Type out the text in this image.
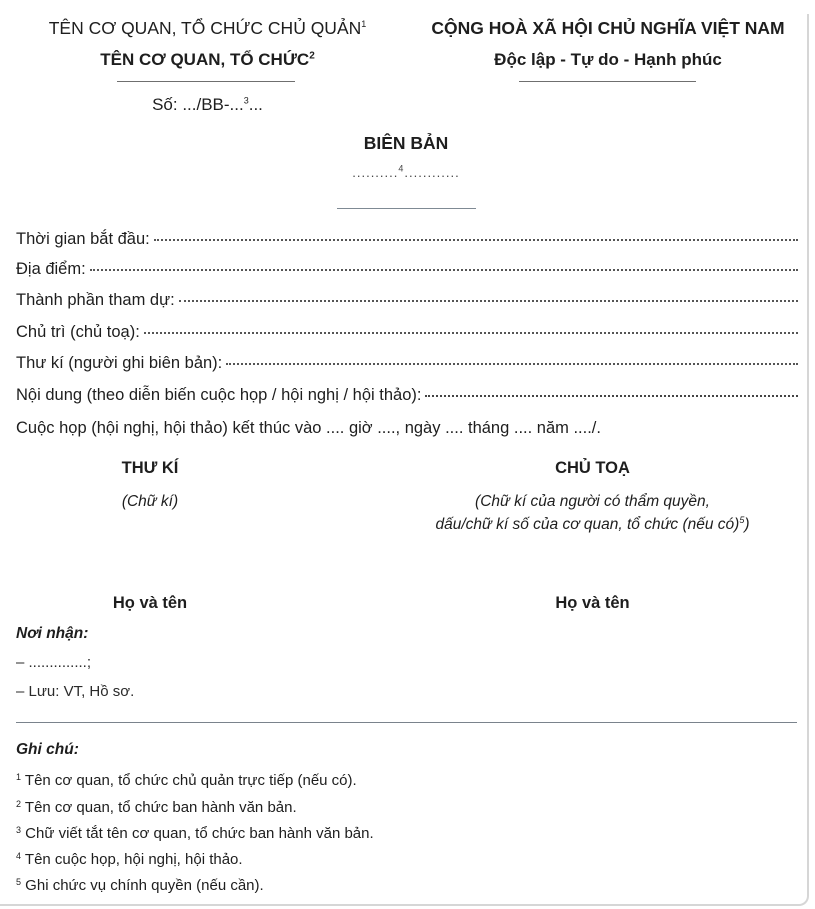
TÊN CƠ QUAN, TỔ CHỨC CHỦ QUẢN$^1$
TÊN CƠ QUAN, TỔ CHỨC$^2$
Số: .../BB-...$^3$...
CỘNG HOÀ XÃ HỘI CHỦ NGHĨA VIỆT NAM
Độc lập - Tự do - Hạnh phúc
BIÊN BẢN
..........$^4$............
Thời gian bắt đầu:
Địa điểm:
Thành phần tham dự:
Chủ trì (chủ toạ):
Thư kí (người ghi biên bản):
Nội dung (theo diễn biến cuộc họp / hội nghị / hội thảo):
Cuộc họp (hội nghị, hội thảo) kết thúc vào .... giờ ...., ngày .... tháng .... năm ..../.
THƯ KÍ
(Chữ kí)
Họ và tên
CHỦ TOẠ
(Chữ kí của người có thẩm quyền,
dấu/chữ kí số của cơ quan, tổ chức (nếu có)$^5$)
Họ và tên
Nơi nhận:
– ..............;
– Lưu: VT, Hồ sơ.
Ghi chú:
$^1$ Tên cơ quan, tổ chức chủ quản trực tiếp (nếu có).
$^2$ Tên cơ quan, tổ chức ban hành văn bản.
$^3$ Chữ viết tắt tên cơ quan, tổ chức ban hành văn bản.
$^4$ Tên cuộc họp, hội nghị, hội thảo.
$^5$ Ghi chức vụ chính quyền (nếu cần).
